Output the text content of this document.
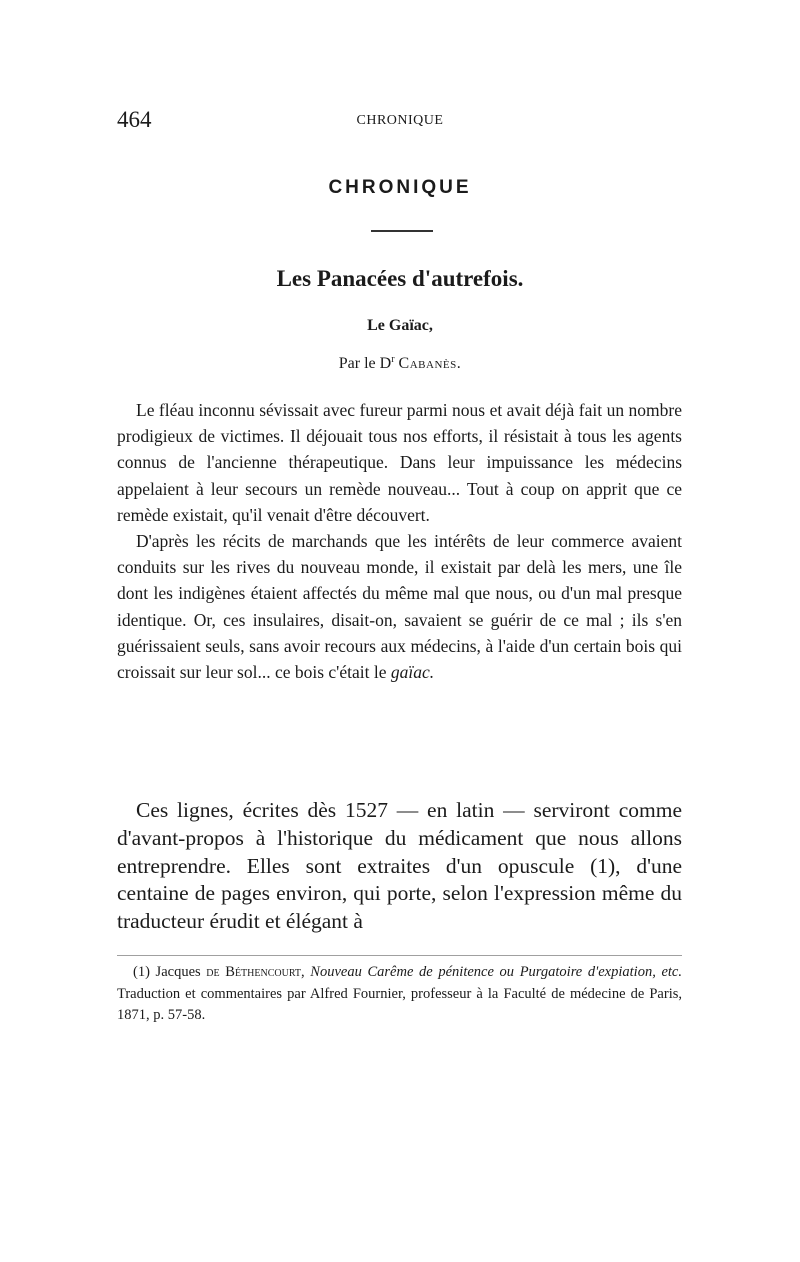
464	CHRONIQUE
CHRONIQUE
Les Panacées d'autrefois.
Le Gaïac,
Par le $D^r$ Cabanès.

Le fléau inconnu sévissait avec fureur parmi nous et avait déjà fait un nombre prodigieux de victimes. Il déjouait tous nos efforts, il résistait à tous les agents connus de l'ancienne thérapeutique. Dans leur impuissance les médecins appelaient à leur secours un remède nouveau... Tout à coup on apprit que ce remède existait, qu'il venait d'être découvert.

D'après les récits de marchands que les intérêts de leur commerce avaient conduits sur les rives du nouveau monde, il existait par delà les mers, une île dont les indigènes étaient affectés du même mal que nous, ou d'un mal presque identique. Or, ces insulaires, disait-on, savaient se guérir de ce mal ; ils s'en guérissaient seuls, sans avoir recours aux médecins, à l'aide d'un certain bois qui croissait sur leur sol... ce bois c'était le gaïac.

Ces lignes, écrites dès 1527 — en latin — serviront comme d'avant-propos à l'historique du médicament que nous allons entreprendre. Elles sont extraites d'un opuscule (1), d'une centaine de pages environ, qui porte, selon l'expression même du traducteur érudit et élégant à

(1) Jacques de Béthencourt, Nouveau Carême de pénitence ou Purgatoire d'expiation, etc. Traduction et commentaires par Alfred Fournier, professeur à la Faculté de médecine de Paris, 1871, p. 57-58.
